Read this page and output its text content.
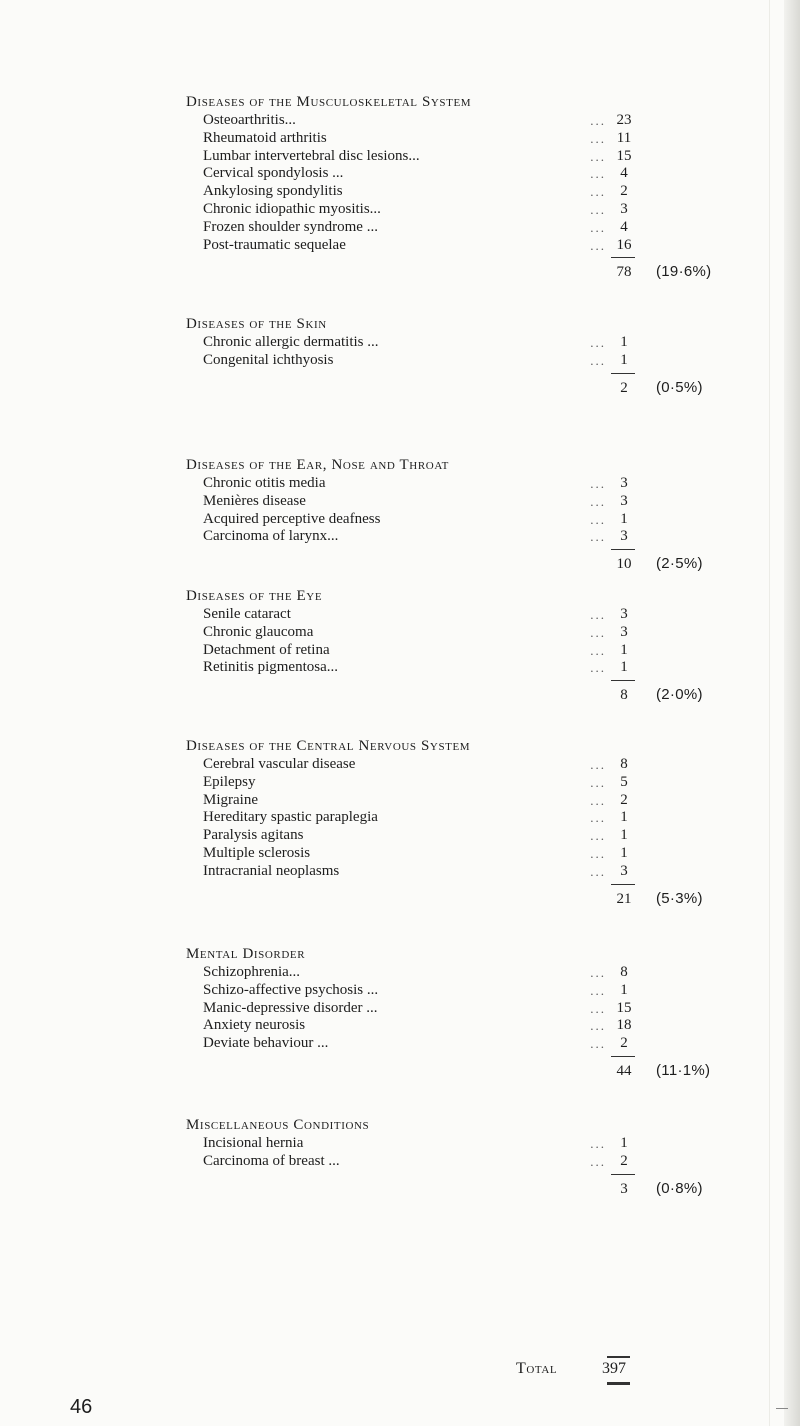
Diseases of the Musculoskeletal System
Osteoarthritis...	... 23
Rheumatoid arthritis	... 11
Lumbar intervertebral disc lesions...	... 15
Cervical spondylosis ...	... 4
Ankylosing spondylitis	... 2
Chronic idiopathic myositis...	... 3
Frozen shoulder syndrome ...	... 4
Post-traumatic sequelae	... 16
78	(19·6%)
Diseases of the Skin
Chronic allergic dermatitis ...	... 1
Congenital ichthyosis	... 1
2	(0·5%)
Diseases of the Ear, Nose and Throat
Chronic otitis media	... 3
Menières disease	... 3
Acquired perceptive deafness	... 1
Carcinoma of larynx...	... 3
10	(2·5%)
Diseases of the Eye
Senile cataract	... 3
Chronic glaucoma	... 3
Detachment of retina	... 1
Retinitis pigmentosa...	... 1
8	(2·0%)
Diseases of the Central Nervous System
Cerebral vascular disease	... 8
Epilepsy	... 5
Migraine	... 2
Hereditary spastic paraplegia	... 1
Paralysis agitans	... 1
Multiple sclerosis	... 1
Intracranial neoplasms	... 3
21	(5·3%)
Mental Disorder
Schizophrenia...	... 8
Schizo-affective psychosis ...	... 1
Manic-depressive disorder ...	... 15
Anxiety neurosis	... 18
Deviate behaviour ...	... 2
44	(11·1%)
Miscellaneous Conditions
Incisional hernia	... 1
Carcinoma of breast ...	... 2
3	(0·8%)
Total	397
46
